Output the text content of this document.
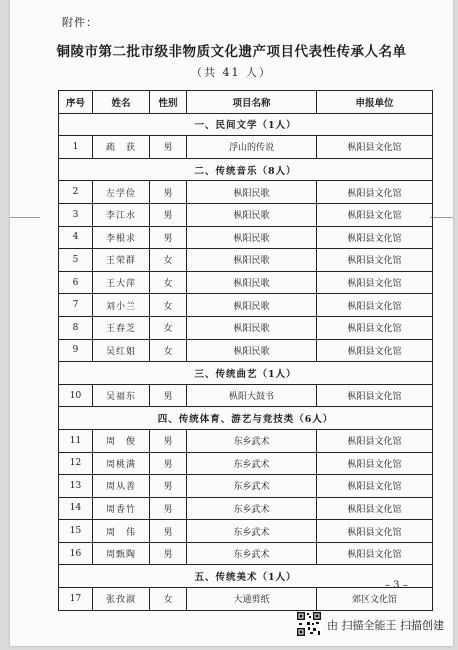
附件：
铜陵市第二批市级非物质文化遗产项目代表性传承人名单
（共 41 人）
序号	姓名	性别	项目名称	申报单位
一、民间文学（1人）				
1	疏　获	男	浮山的传说	枞阳县文化馆
二、传统音乐（8人）				
2	左学俭	男	枞阳民歌	枞阳县文化馆
3	李江水	男	枞阳民歌	枞阳县文化馆
4	李根求	男	枞阳民歌	枞阳县文化馆
5	王荣群	女	枞阳民歌	枞阳县文化馆
6	王大萍	女	枞阳民歌	枞阳县文化馆
7	刘小兰	女	枞阳民歌	枞阳县文化馆
8	王春芝	女	枞阳民歌	枞阳县文化馆
9	吴红姐	女	枞阳民歌	枞阳县文化馆
三、传统曲艺（1人）				
10	吴福东	男	枞阳大鼓书	枞阳县文化馆
四、传统体育、游艺与竞技类（6人）				
11	周　俊	男	东乡武术	枞阳县文化馆
12	周桃满	男	东乡武术	枞阳县文化馆
13	周从善	男	东乡武术	枞阳县文化馆
14	周香竹	男	东乡武术	枞阳县文化馆
15	周　伟	男	东乡武术	枞阳县文化馆
16	周甄陶	男	东乡武术	枞阳县文化馆
五、传统美术（1人）				
17	张孜淑	女	大通剪纸	郊区文化馆
– 3 –
由 扫描全能王 扫描创建
